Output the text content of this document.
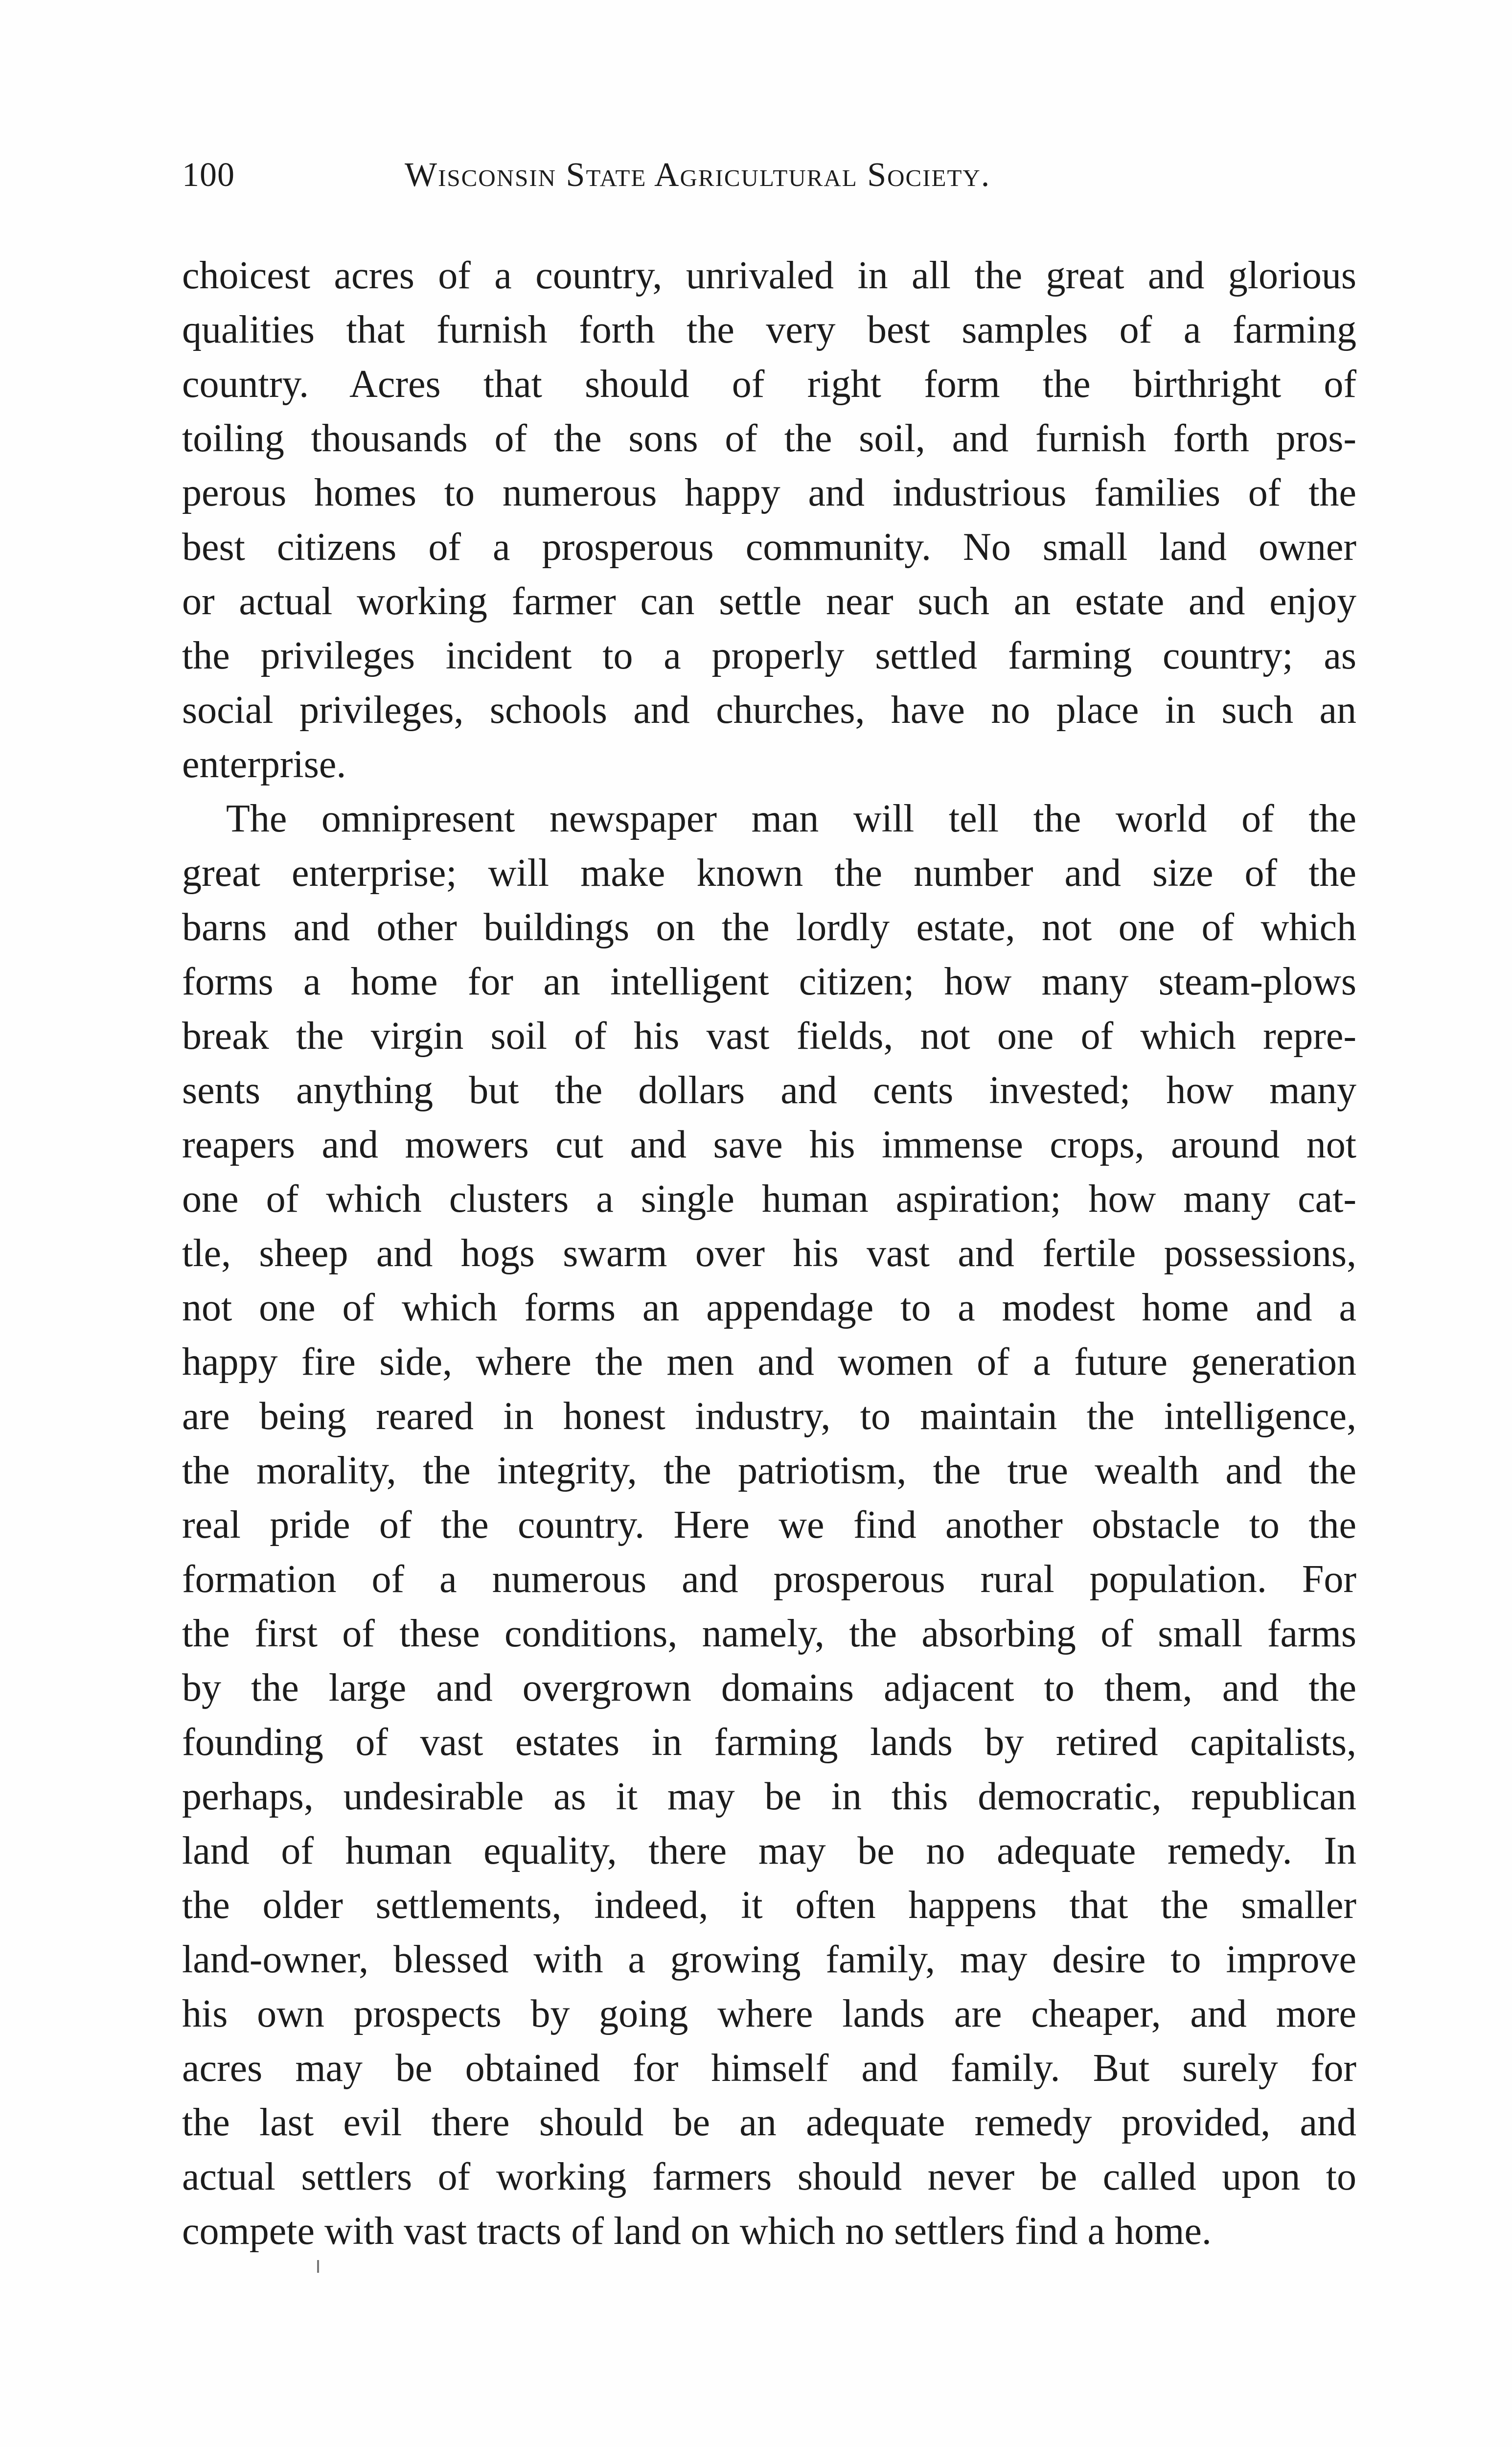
100	Wisconsin State Agricultural Society.
choicest acres of a country, unrivaled in all the great and glorious
qualities that furnish forth the very best samples of a farming
country. Acres that should of right form the birthright of
toiling thousands of the sons of the soil, and furnish forth pros-
perous homes to numerous happy and industrious families of the
best citizens of a prosperous community. No small land owner
or actual working farmer can settle near such an estate and enjoy
the privileges incident to a properly settled farming country; as
social privileges, schools and churches, have no place in such an
enterprise.
The omnipresent newspaper man will tell the world of the
great enterprise; will make known the number and size of the
barns and other buildings on the lordly estate, not one of which
forms a home for an intelligent citizen; how many steam-plows
break the virgin soil of his vast fields, not one of which repre-
sents anything but the dollars and cents invested; how many
reapers and mowers cut and save his immense crops, around not
one of which clusters a single human aspiration; how many cat-
tle, sheep and hogs swarm over his vast and fertile possessions,
not one of which forms an appendage to a modest home and a
happy fire side, where the men and women of a future generation
are being reared in honest industry, to maintain the intelligence,
the morality, the integrity, the patriotism, the true wealth and the
real pride of the country. Here we find another obstacle to the
formation of a numerous and prosperous rural population. For
the first of these conditions, namely, the absorbing of small farms
by the large and overgrown domains adjacent to them, and the
founding of vast estates in farming lands by retired capitalists,
perhaps, undesirable as it may be in this democratic, republican
land of human equality, there may be no adequate remedy. In
the older settlements, indeed, it often happens that the smaller
land-owner, blessed with a growing family, may desire to improve
his own prospects by going where lands are cheaper, and more
acres may be obtained for himself and family. But surely for
the last evil there should be an adequate remedy provided, and
actual settlers of working farmers should never be called upon to
compete with vast tracts of land on which no settlers find a home.
